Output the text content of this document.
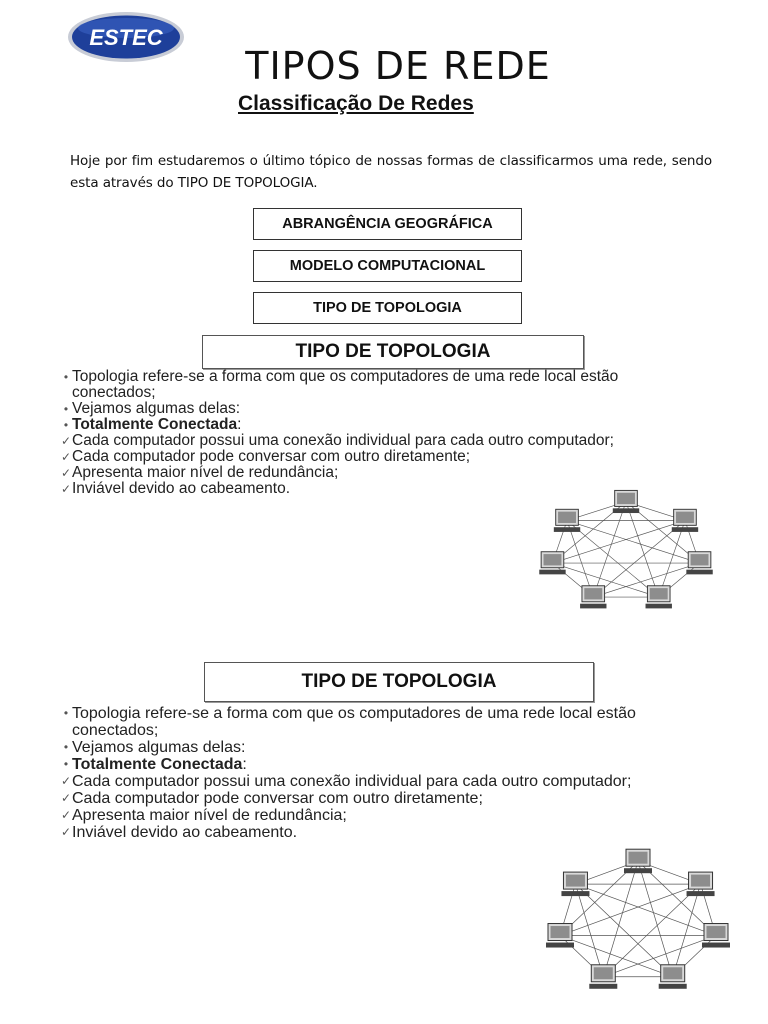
ESTEC
TIPOS DE REDE
Classificação De Redes

Hoje por fim estudaremos o último tópico de nossas formas de classificarmos uma rede, sendo esta através do TIPO DE TOPOLOGIA.

ABRANGÊNCIA GEOGRÁFICA
MODELO COMPUTACIONAL
TIPO DE TOPOLOGIA
TIPO DE TOPOLOGIA
• Topologia refere-se a forma com que os computadores de uma rede local estão conectados;
• Vejamos algumas delas:
• Totalmente Conectada:
✓ Cada computador possui uma conexão individual para cada outro computador;
✓ Cada computador pode conversar com outro diretamente;
✓ Apresenta maior nível de redundância;
✓ Inviável devido ao cabeamento.
TIPO DE TOPOLOGIA
• Topologia refere-se a forma com que os computadores de uma rede local estão conectados;
• Vejamos algumas delas:
• Totalmente Conectada:
✓ Cada computador possui uma conexão individual para cada outro computador;
✓ Cada computador pode conversar com outro diretamente;
✓ Apresenta maior nível de redundância;
✓ Inviável devido ao cabeamento.
